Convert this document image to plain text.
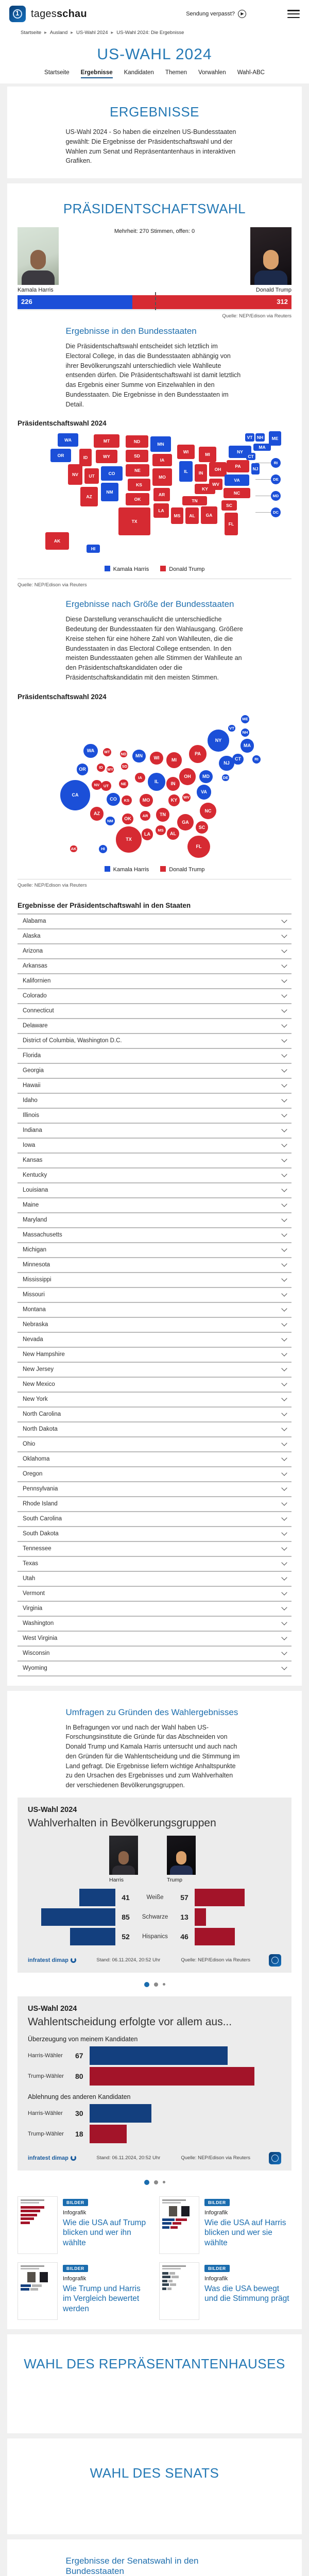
1
tagesschau	Sendung verpasst?	▶
Startseite ▸ Ausland ▸ US-Wahl 2024 ▸ US-Wahl 2024: Die Ergebnisse
US-WAHL 2024
Startseite Ergebnisse Kandidaten Themen Vorwahlen Wahl-ABC
ERGEBNISSE

US-Wahl 2024 - So haben die einzelnen US-Bundesstaaten gewählt: Die Ergebnisse der Präsidentschaftswahl und der Wahlen zum Senat und Repräsentantenhaus in interaktiven Grafiken.

PRÄSIDENTSCHAFTSWAHL
Mehrheit: 270 Stimmen, offen: 0
Kamala Harris	Donald Trump
226	312
Quelle: NEP/Edison via Reuters
Ergebnisse in den Bundesstaaten

Die Präsidentschaftswahl entscheidet sich letztlich im Electoral College, in das die Bundesstaaten abhängig von ihrer Bevölkerungszahl unterschiedlich viele Wahlleute entsenden dürfen. Die Präsidentschaftswahl ist damit letztlich das Ergebnis einer Summe von Einzelwahlen in den Bundesstaaten. Die Ergebnisse in den Bundesstaaten im Detail.

Präsidentschaftswahl 2024
WA	MT	ND	MN
WI	MI
OR	ID	WY	SD
IA
IL	IN
OH
PA
NY
ME
VT NH
MA
CT
NJ
NV	UT	CO
NE
KS
MO
KY
WV
VA
AZ
NM
OK
AR
TN
NC
SC
TX
LA
MS	AL	GA
FL
AK
HI
RI
DE
MD
DC
Kamala Harris	Donald Trump
Quelle: NEP/Edison via Reuters
Ergebnisse nach Größe der Bundesstaaten

Diese Darstellung veranschaulicht die unterschiedliche Bedeutung der Bundesstaaten für den Wahlausgang. Größere Kreise stehen für eine höhere Zahl von Wahlleuten, die die Bundesstaaten in das Electoral College entsenden. In den meisten Bundesstaaten gehen alle Stimmen der Wahlleute an den Präsidentschaftskandidaten oder die Präsidentschaftskandidatin mit den meisten Stimmen.

Präsidentschaftswahl 2024
CA
TX
FL
NY
PA
IL
OH
GA
NC
MI
NJ
VA
WA
AZ
IN
MA
TN
CO
MD
MN
MO
WI
AL
SC
KY
LA
OR
CT
OK
AR
IA
KS
MS
NV	UT	NE
NM
HI
ID
ME
MT
NH
RI
WV
AK
DE
ND
SD
VT
WY
Kamala Harris	Donald Trump
Quelle: NEP/Edison via Reuters
Ergebnisse der Präsidentschaftswahl in den Staaten
Alabama
Alaska
Arizona
Arkansas
Kalifornien
Colorado
Connecticut
Delaware
District of Columbia, Washington D.C.
Florida
Georgia
Hawaii
Idaho
Illinois
Indiana
Iowa
Kansas
Kentucky
Louisiana
Maine
Maryland
Massachusetts
Michigan
Minnesota
Mississippi
Missouri
Montana
Nebraska
Nevada
New Hampshire
New Jersey
New Mexico
New York
North Carolina
North Dakota
Ohio
Oklahoma
Oregon
Pennsylvania
Rhode Island
South Carolina
South Dakota
Tennessee
Texas
Utah
Vermont
Virginia
Washington
West Virginia
Wisconsin
Wyoming
Umfragen zu Gründen des Wahlergebnisses

In Befragungen vor und nach der Wahl haben US-Forschungsinstitute die Gründe für das Abschneiden von Donald Trump und Kamala Harris untersucht und auch nach den Gründen für die Wahlentscheidung und die Stimmung im Land gefragt. Die Ergebnisse liefern wichtige Anhaltspunkte zu den Ursachen des Ergebnisses und zum Wahlverhalten der verschiedenen Bevölkerungsgruppen.

US-Wahl 2024
Wahlverhalten in Bevölkerungsgruppen
Harris	Trump
41	Weiße	57
85	Schwarze	13
52	Hispanics	46
infratest dimap	Stand: 06.11.2024, 20:52 Uhr	Quelle: NEP/Edison via Reuters
US-Wahl 2024
Wahlentscheidung erfolgte vor allem aus...
Überzeugung von meinem Kandidaten
Harris-Wähler	67
Trump-Wähler	80
Ablehnung des anderen Kandidaten
Harris-Wähler	30
Trump-Wähler	18
infratest dimap	Stand: 06.11.2024, 20:52 Uhr	Quelle: NEP/Edison via Reuters
BILDER
Infografik
Wie die USA auf Trump blicken und wer ihn wählte
BILDER
Infografik
Wie die USA auf Harris blicken und wer sie wählte
BILDER
Infografik
Wie Trump und Harris im Vergleich bewertet werden
BILDER
Infografik
Was die USA bewegt und die Stimmung prägt
WAHL DES REPRÄSENTANTENHAUSES
WAHL DES SENATS
Ergebnisse der Senatswahl in den Bundesstaaten
